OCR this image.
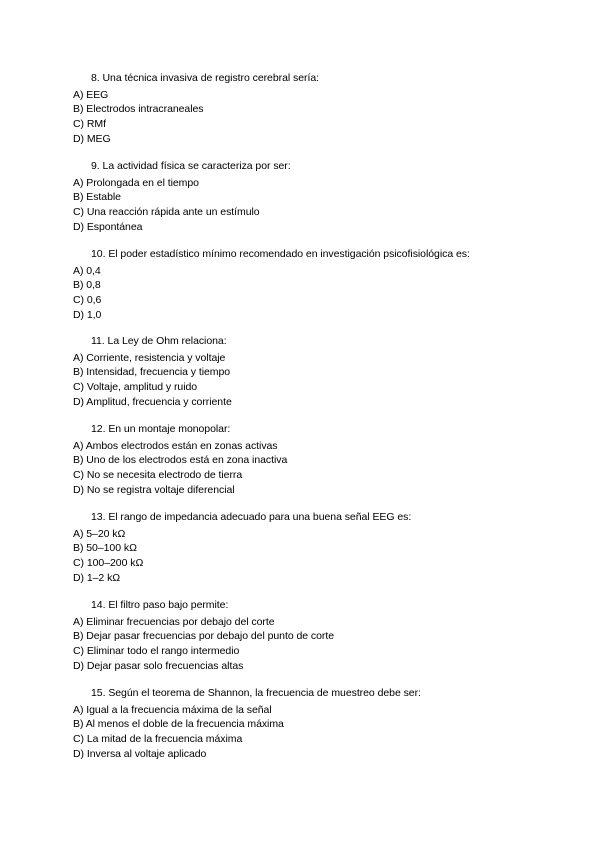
8. Una técnica invasiva de registro cerebral sería:
A) EEG
B) Electrodos intracraneales
C) RMf
D) MEG
9. La actividad física se caracteriza por ser:
A) Prolongada en el tiempo
B) Estable
C) Una reacción rápida ante un estímulo
D) Espontánea
10. El poder estadístico mínimo recomendado en investigación psicofisiológica es:
A) 0,4
B) 0,8
C) 0,6
D) 1,0
11. La Ley de Ohm relaciona:
A) Corriente, resistencia y voltaje
B) Intensidad, frecuencia y tiempo
C) Voltaje, amplitud y ruido
D) Amplitud, frecuencia y corriente
12. En un montaje monopolar:
A) Ambos electrodos están en zonas activas
B) Uno de los electrodos está en zona inactiva
C) No se necesita electrodo de tierra
D) No se registra voltaje diferencial
13. El rango de impedancia adecuado para una buena señal EEG es:
A) 5–20 kΩ
B) 50–100 kΩ
C) 100–200 kΩ
D) 1–2 kΩ
14. El filtro paso bajo permite:
A) Eliminar frecuencias por debajo del corte
B) Dejar pasar frecuencias por debajo del punto de corte
C) Eliminar todo el rango intermedio
D) Dejar pasar solo frecuencias altas
15. Según el teorema de Shannon, la frecuencia de muestreo debe ser:
A) Igual a la frecuencia máxima de la señal
B) Al menos el doble de la frecuencia máxima
C) La mitad de la frecuencia máxima
D) Inversa al voltaje aplicado
